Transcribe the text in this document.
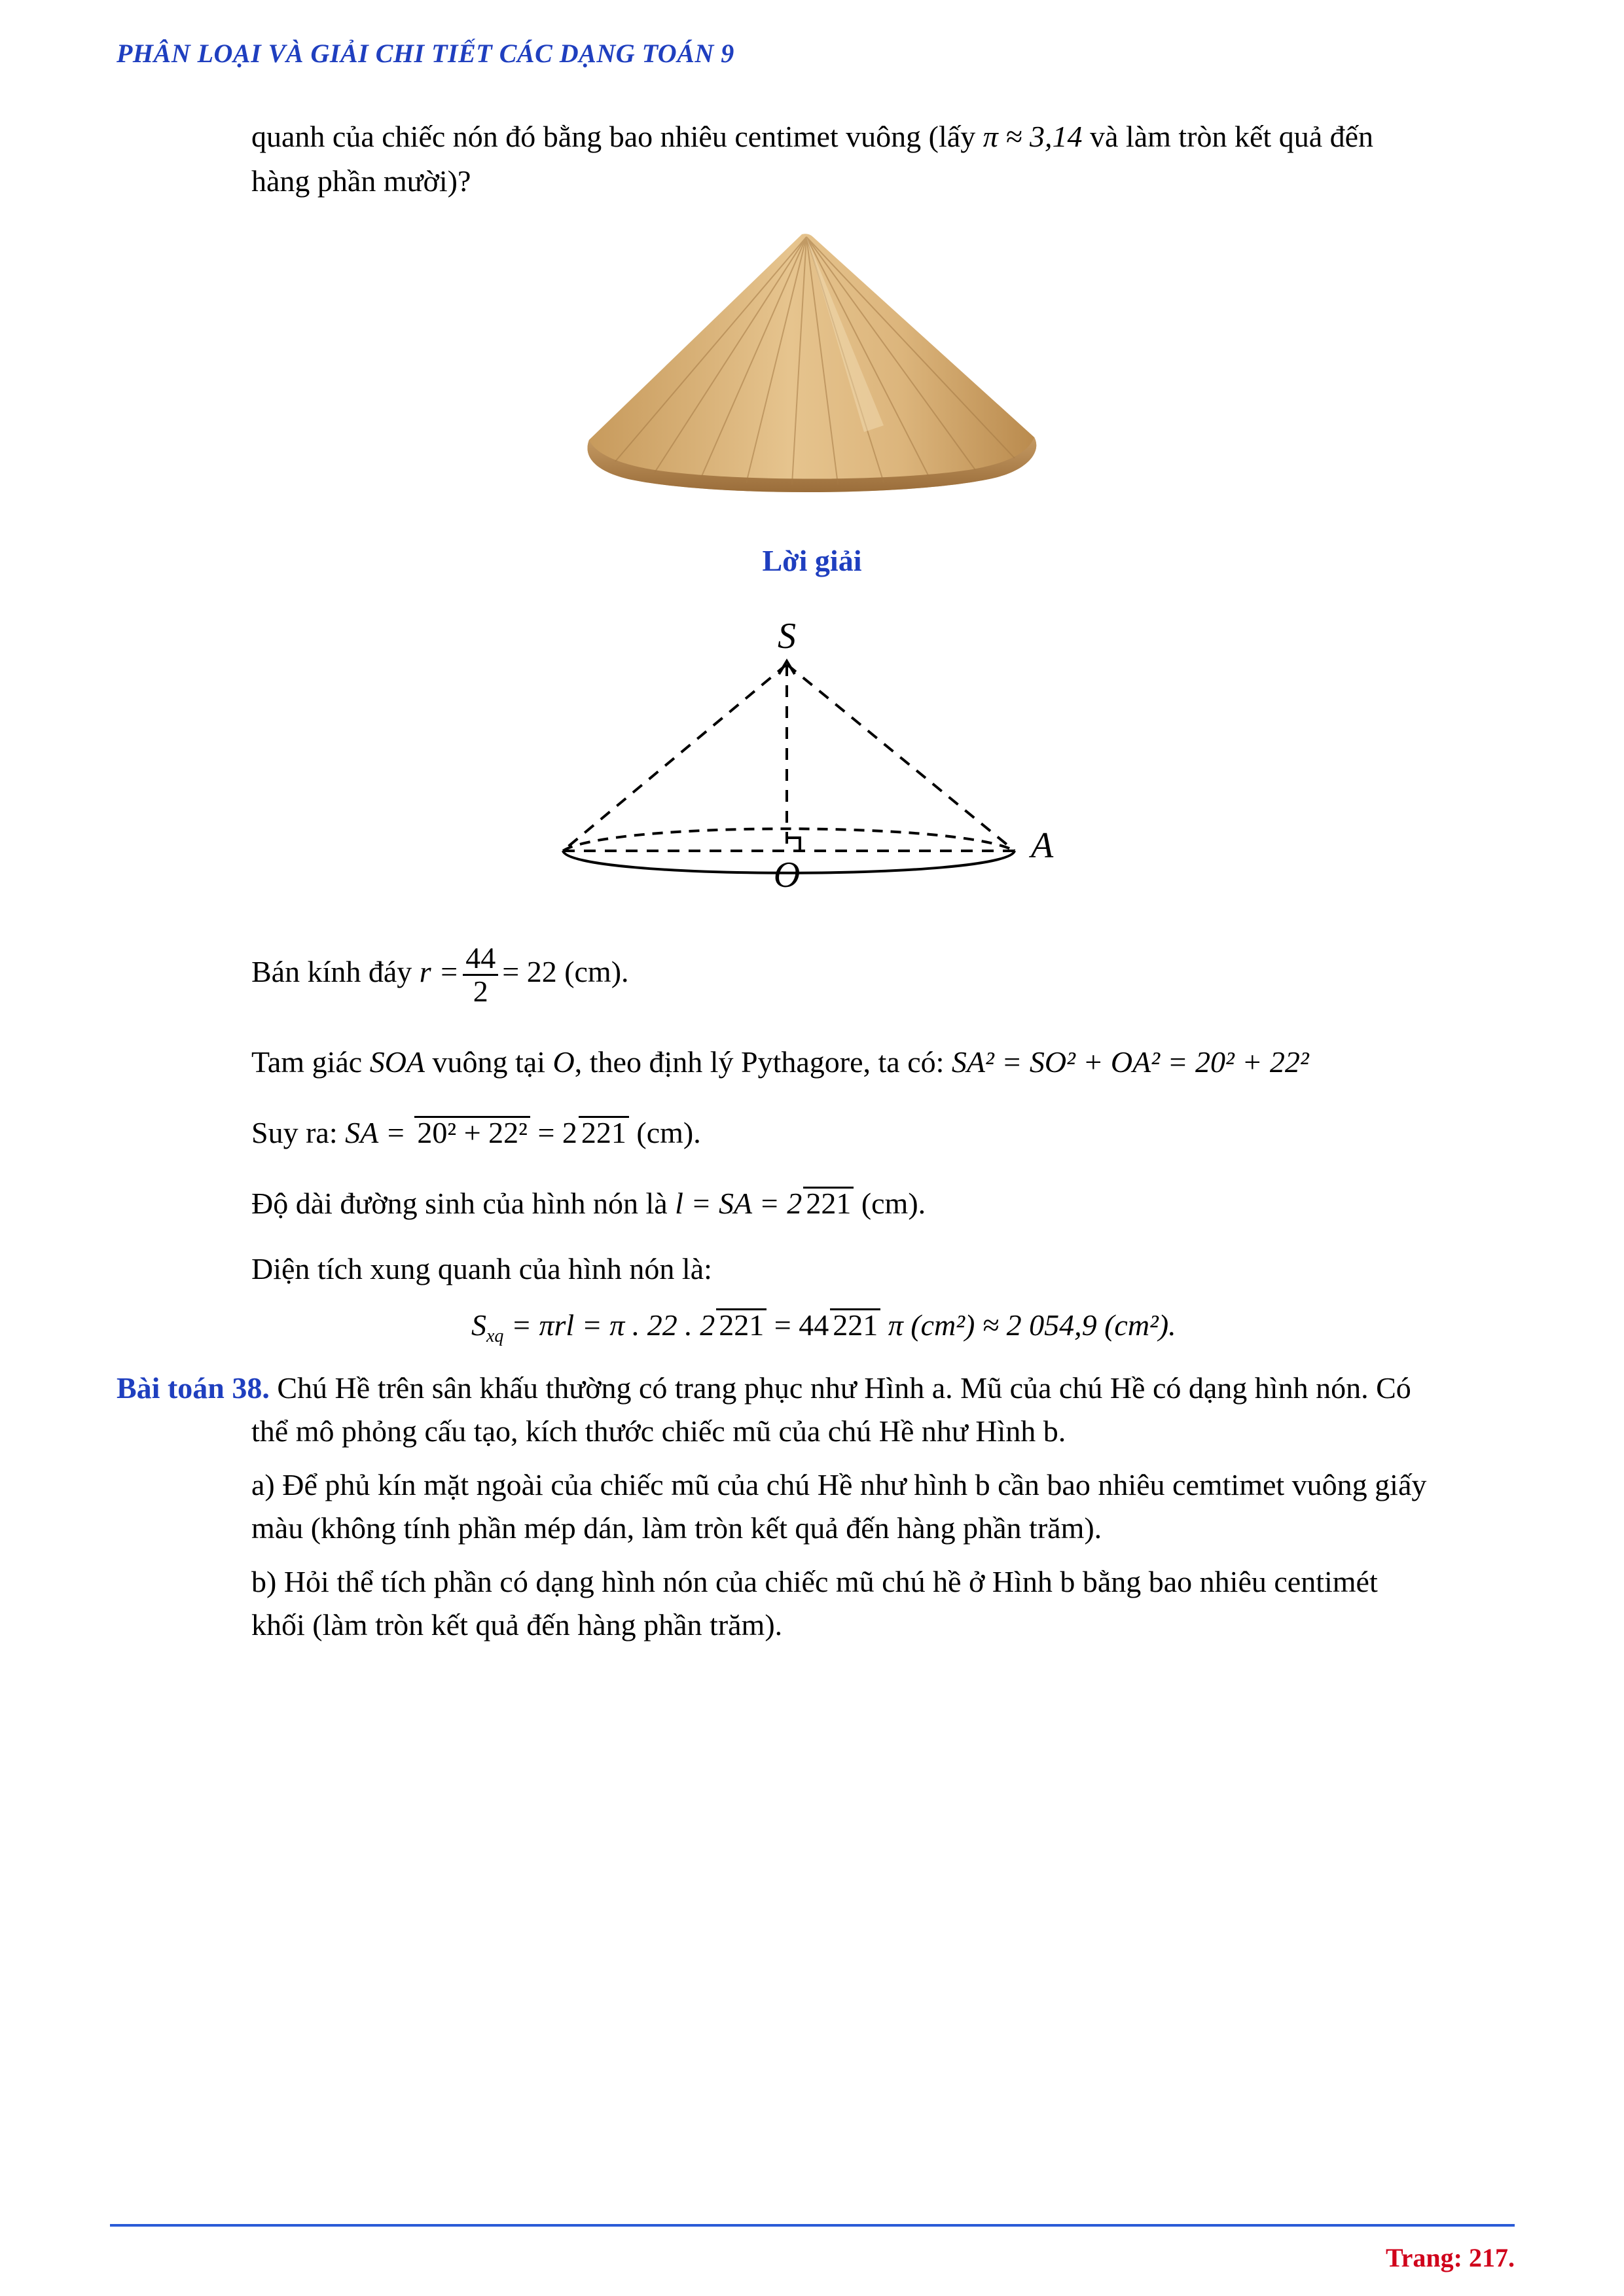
PHÂN LOẠI VÀ GIẢI CHI TIẾT CÁC DẠNG TOÁN 9
quanh của chiếc nón đó bằng bao nhiêu centimet vuông (lấy π ≈ 3,14 và làm tròn kết quả đến
hàng phần mười)?
Lời giải
S
O
A
Bán kính đáy $r = \frac{44}{2} = 22$ (cm).
Tam giác SOA vuông tại O, theo định lý Pythagore, ta có: SA² = SO² + OA² = 20² + 22²
Suy ra: SA = 20² + 22² = 2 221 (cm).
Độ dài đường sinh của hình nón là l = SA = 2 221 (cm).
Diện tích xung quanh của hình nón là:
$S_{xq} = \pi rl = \pi$ . 22 . 2 221 = 44 221 π (cm²) ≈ 2 054,9 (cm²).
Bài toán 38. Chú Hề trên sân khấu thường có trang phục như Hình a. Mũ của chú Hề có dạng hình nón. Có
thể mô phỏng cấu tạo, kích thước chiếc mũ của chú Hề như Hình b.
a) Để phủ kín mặt ngoài của chiếc mũ của chú Hề như hình b cần bao nhiêu cemtimet vuông giấy
màu (không tính phần mép dán, làm tròn kết quả đến hàng phần trăm).
b) Hỏi thể tích phần có dạng hình nón của chiếc mũ chú hề ở Hình b bằng bao nhiêu centimét
khối (làm tròn kết quả đến hàng phần trăm).
Trang: 217.
